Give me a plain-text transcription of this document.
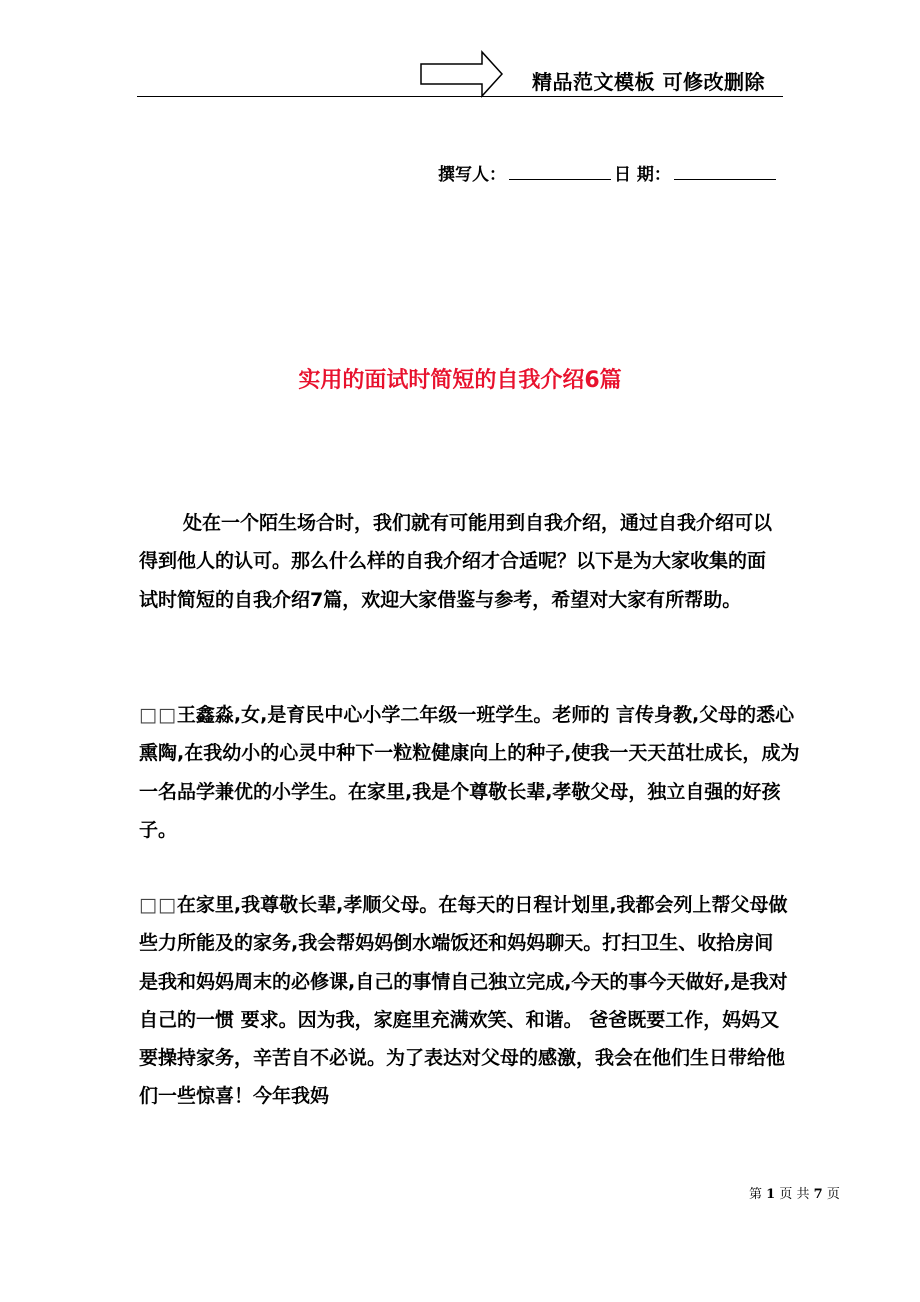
精品范文模板 可修改删除
撰写人：	日 期：
实用的面试时简短的自我介绍6篇

处在一个陌生场合时，我们就有可能用到自我介绍，通过自我介绍可以得到他人的认可。那么什么样的自我介绍才合适呢？以下是为大家收集的面试时简短的自我介绍7篇，欢迎大家借鉴与参考，希望对大家有所帮助。

□□王鑫淼,女,是育民中心小学二年级一班学生。老师的 言传身教,父母的悉心熏陶,在我幼小的心灵中种下一粒粒健康向上的种子,使我一天天茁壮成长，成为一名品学兼优的小学生。在家里,我是个尊敬长辈,孝敬父母，独立自强的好孩子。

□□在家里,我尊敬长辈,孝顺父母。在每天的日程计划里,我都会列上帮父母做些力所能及的家务,我会帮妈妈倒水端饭还和妈妈聊天。打扫卫生、收拾房间是我和妈妈周末的必修课,自己的事情自己独立完成,今天的事今天做好,是我对自己的一惯 要求。因为我，家庭里充满欢笑、和谐。 爸爸既要工作，妈妈又要操持家务，辛苦自不必说。为了表达对父母的感激，我会在他们生日带给他们一些惊喜！今年我妈

第 1 页 共 7 页
